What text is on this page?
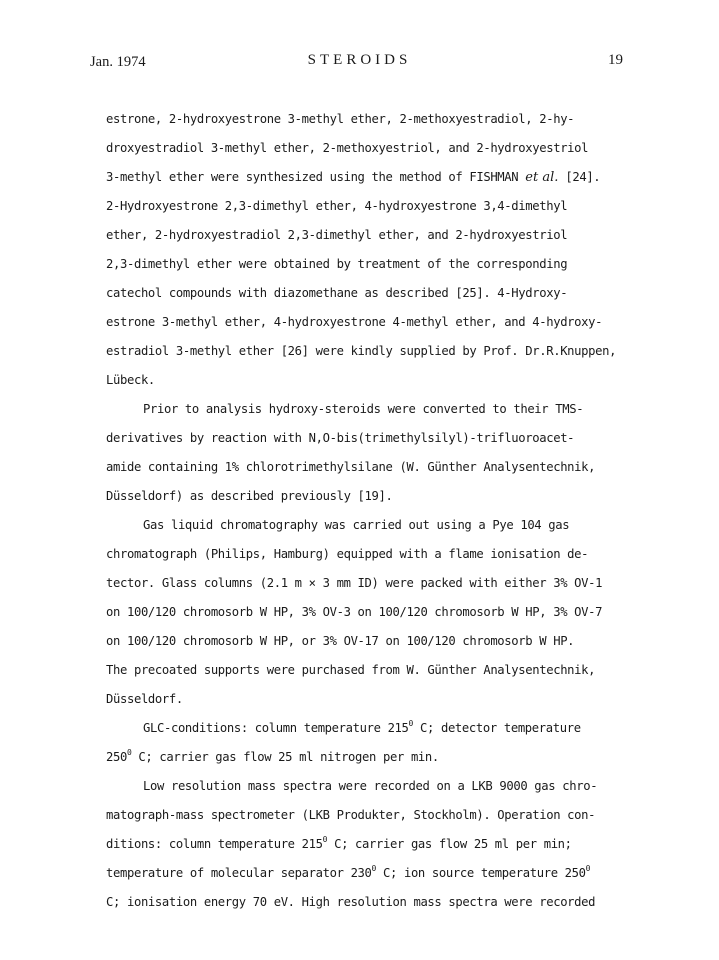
Jan. 1974	STEROIDS	19
estrone, 2-hydroxyestrone 3-methyl ether, 2-methoxyestradiol, 2-hy-
droxyestradiol 3-methyl ether, 2-methoxyestriol, and 2-hydroxyestriol
3-methyl ether were synthesized using the method of FISHMAN et al. [24].
2-Hydroxyestrone 2,3-dimethyl ether, 4-hydroxyestrone 3,4-dimethyl
ether, 2-hydroxyestradiol 2,3-dimethyl ether, and 2-hydroxyestriol
2,3-dimethyl ether were obtained by treatment of the corresponding
catechol compounds with diazomethane as described [25]. 4-Hydroxy-
estrone 3-methyl ether, 4-hydroxyestrone 4-methyl ether, and 4-hydroxy-
estradiol 3-methyl ether [26] were kindly supplied by Prof. Dr.R.Knuppen,
Lübeck.
Prior to analysis hydroxy-steroids were converted to their TMS-
derivatives by reaction with N,O-bis(trimethylsilyl)-trifluoroacet-
amide containing 1% chlorotrimethylsilane (W. Günther Analysentechnik,
Düsseldorf) as described previously [19].
Gas liquid chromatography was carried out using a Pye 104 gas
chromatograph (Philips, Hamburg) equipped with a flame ionisation de-
tector. Glass columns (2.1 m × 3 mm ID) were packed with either 3% OV-1
on 100/120 chromosorb W HP, 3% OV-3 on 100/120 chromosorb W HP, 3% OV-7
on 100/120 chromosorb W HP, or 3% OV-17 on 100/120 chromosorb W HP.
The precoated supports were purchased from W. Günther Analysentechnik,
Düsseldorf.
GLC-conditions: column temperature $215^0$ C; detector temperature
$250^0$ C; carrier gas flow 25 ml nitrogen per min.
Low resolution mass spectra were recorded on a LKB 9000 gas chro-
matograph-mass spectrometer (LKB Produkter, Stockholm). Operation con-
ditions: column temperature $215^0$ C; carrier gas flow 25 ml per min;
temperature of molecular separator $230^0$ C; ion source temperature $250^0$
C; ionisation energy 70 eV. High resolution mass spectra were recorded
